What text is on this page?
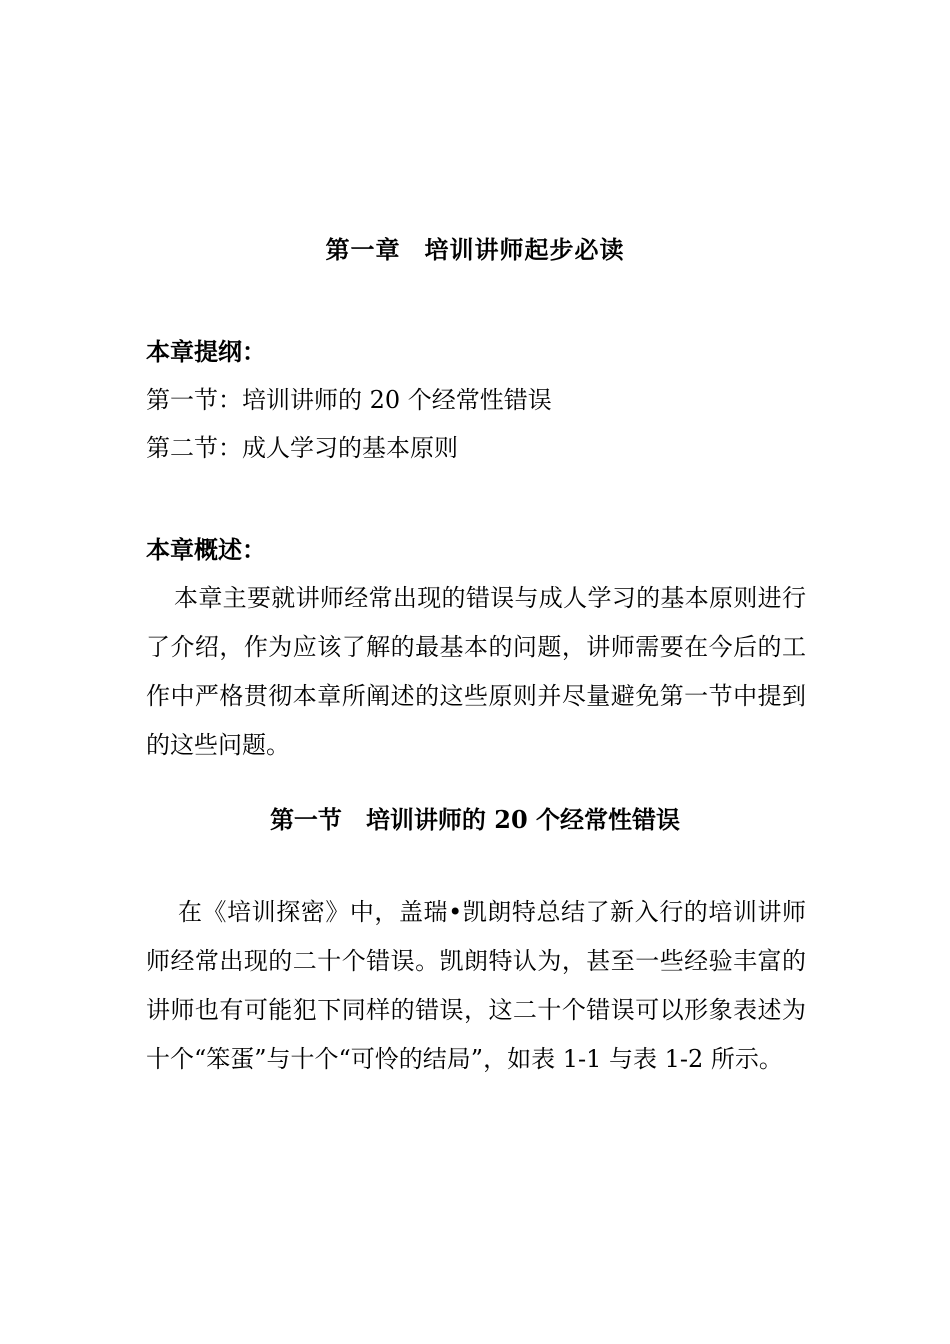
第一章 培训讲师起步必读
本章提纲：
第一节：培训讲师的 20 个经常性错误
第二节：成人学习的基本原则
本章概述：
本章主要就讲师经常出现的错误与成人学习的基本原则进行了介绍，作为应该了解的最基本的问题，讲师需要在今后的工作中严格贯彻本章所阐述的这些原则并尽量避免第一节中提到的这些问题。
第一节 培训讲师的 20 个经常性错误
在《培训探密》中，盖瑞•凯朗特总结了新入行的培训讲师师经常出现的二十个错误。凯朗特认为，甚至一些经验丰富的讲师也有可能犯下同样的错误，这二十个错误可以形象表述为十个“笨蛋”与十个“可怜的结局”，如表 1-1 与表 1-2 所示。
